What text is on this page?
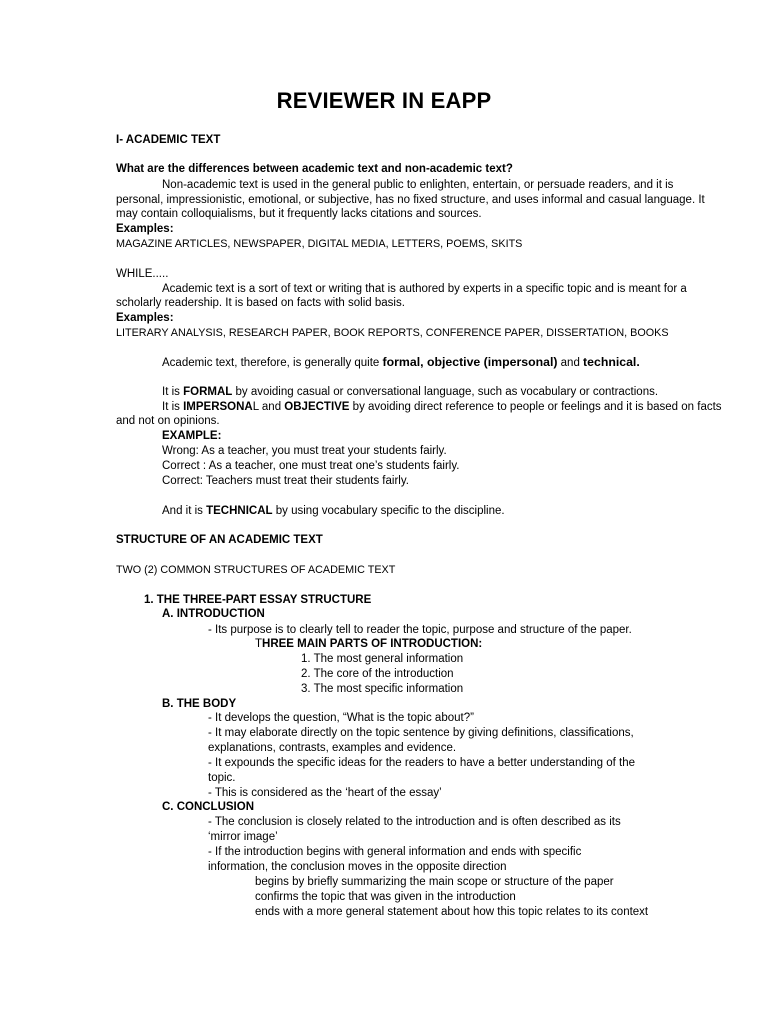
REVIEWER IN EAPP
I- ACADEMIC TEXT
What are the differences between academic text and non-academic text?
Non-academic text is used in the general public to enlighten, entertain, or persuade readers, and it is
personal, impressionistic, emotional, or subjective, has no fixed structure, and uses informal and casual language. It
may contain colloquialisms, but it frequently lacks citations and sources.
Examples:
MAGAZINE ARTICLES, NEWSPAPER, DIGITAL MEDIA, LETTERS, POEMS, SKITS
WHILE.....
Academic text is a sort of text or writing that is authored by experts in a specific topic and is meant for a
scholarly readership. It is based on facts with solid basis.
Examples:
LITERARY ANALYSIS, RESEARCH PAPER, BOOK REPORTS, CONFERENCE PAPER, DISSERTATION, BOOKS
Academic text, therefore, is generally quite formal, objective (impersonal) and technical.
It is FORMAL by avoiding casual or conversational language, such as vocabulary or contractions.
It is IMPERSONAL and OBJECTIVE by avoiding direct reference to people or feelings and it is based on facts
and not on opinions.
EXAMPLE:
Wrong: As a teacher, you must treat your students fairly.
Correct : As a teacher, one must treat one’s students fairly.
Correct: Teachers must treat their students fairly.
And it is TECHNICAL by using vocabulary specific to the discipline.
STRUCTURE OF AN ACADEMIC TEXT
TWO (2) COMMON STRUCTURES OF ACADEMIC TEXT
1. THE THREE-PART ESSAY STRUCTURE
A. INTRODUCTION
- Its purpose is to clearly tell to reader the topic, purpose and structure of the paper.
THREE MAIN PARTS OF INTRODUCTION:
1. The most general information
2. The core of the introduction
3. The most specific information
B. THE BODY
- It develops the question, “What is the topic about?”
- It may elaborate directly on the topic sentence by giving definitions, classifications,
explanations, contrasts, examples and evidence.
- It expounds the specific ideas for the readers to have a better understanding of the
topic.
- This is considered as the ‘heart of the essay’
C. CONCLUSION
- The conclusion is closely related to the introduction and is often described as its
‘mirror image’
- If the introduction begins with general information and ends with specific
information, the conclusion moves in the opposite direction
begins by briefly summarizing the main scope or structure of the paper
confirms the topic that was given in the introduction
ends with a more general statement about how this topic relates to its context
